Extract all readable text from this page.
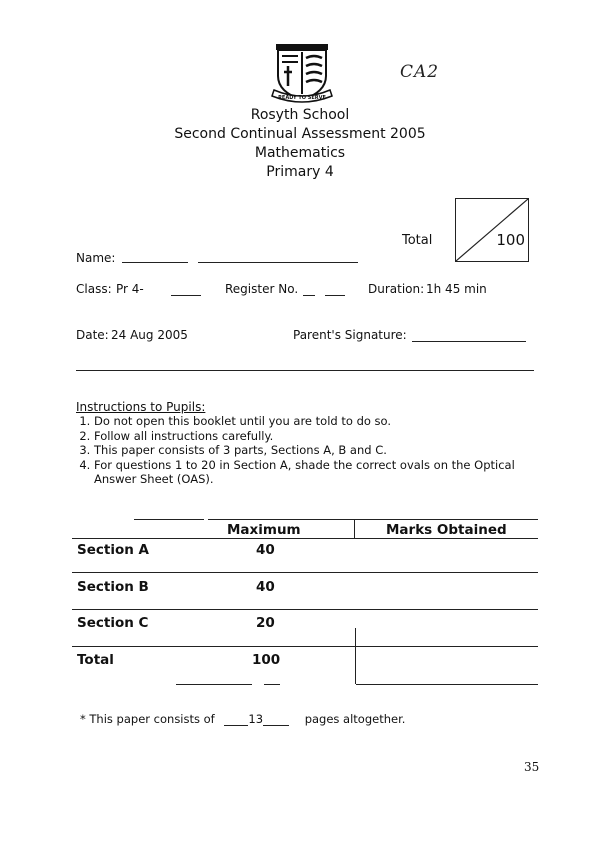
READY TO SERVE
CA2
Rosyth School
Second Continual Assessment 2005
Mathematics
Primary 4
Total	100
Name:
Class: Pr 4-	Register No.	Duration: 1h 45 min
Date: 24 Aug 2005	Parent's Signature:
Instructions to Pupils:
1. Do not open this booklet until you are told to do so.
2. Follow all instructions carefully.
3. This paper consists of 3 parts, Sections A, B and C.
4. For questions 1 to 20 in Section A, shade the correct ovals on the Optical Answer Sheet (OAS).
Maximum	Marks Obtained
Section A	40
Section B	40
Section C	20
Total	100
* This paper consists of	13	pages altogether.
35
